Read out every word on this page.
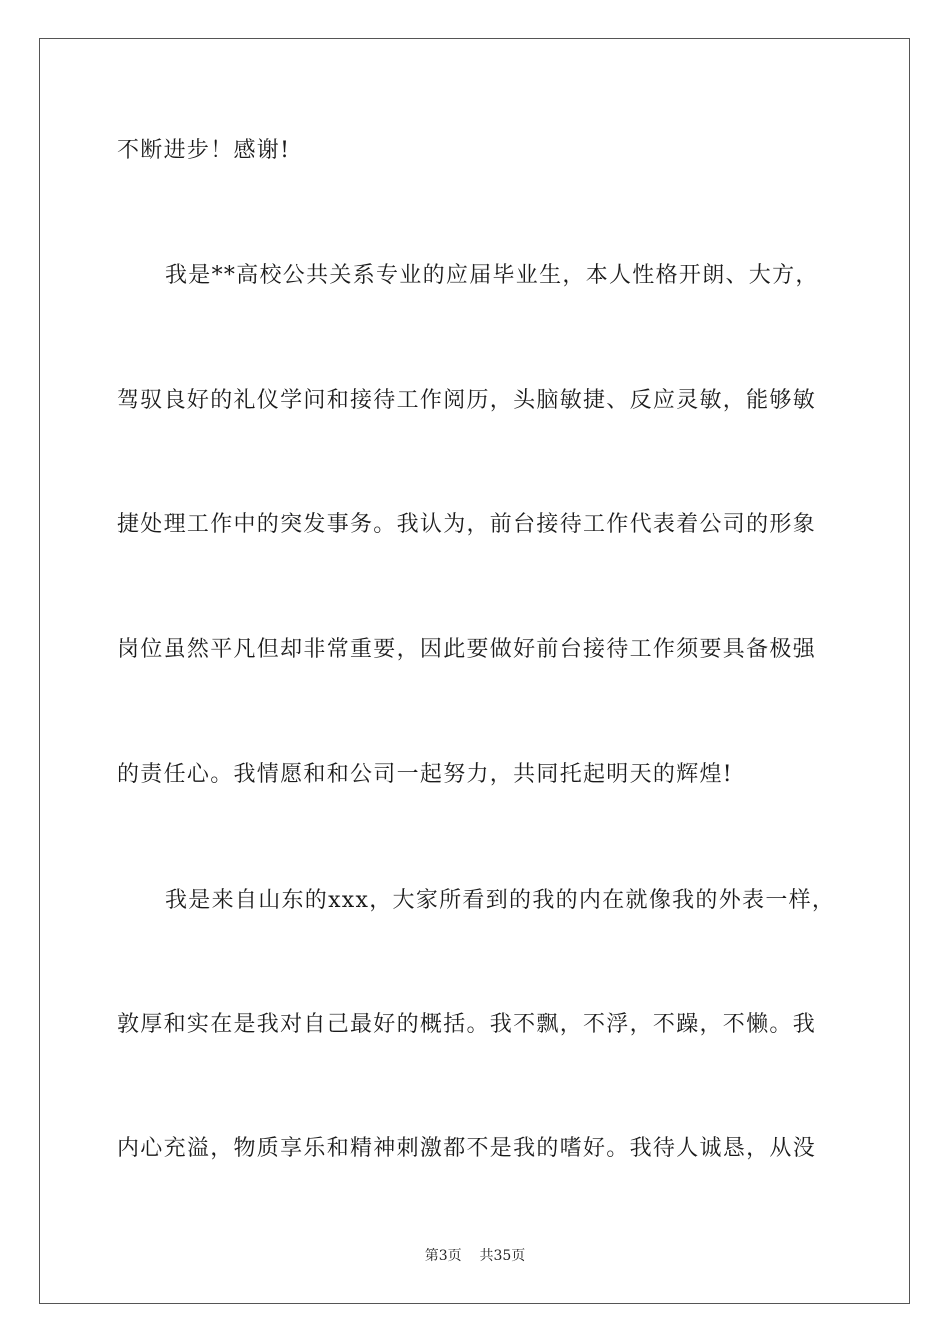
不断进步！感谢!
我是**高校公共关系专业的应届毕业生，本人性格开朗、大方，
驾驭良好的礼仪学问和接待工作阅历，头脑敏捷、反应灵敏，能够敏
捷处理工作中的突发事务。我认为，前台接待工作代表着公司的形象
岗位虽然平凡但却非常重要，因此要做好前台接待工作须要具备极强
的责任心。我情愿和和公司一起努力，共同托起明天的辉煌!
我是来自山东的xxx，大家所看到的我的内在就像我的外表一样，
敦厚和实在是我对自己最好的概括。我不飘，不浮，不躁，不懒。我
内心充溢，物质享乐和精神刺激都不是我的嗜好。我待人诚恳，从没
第3页 共35页
